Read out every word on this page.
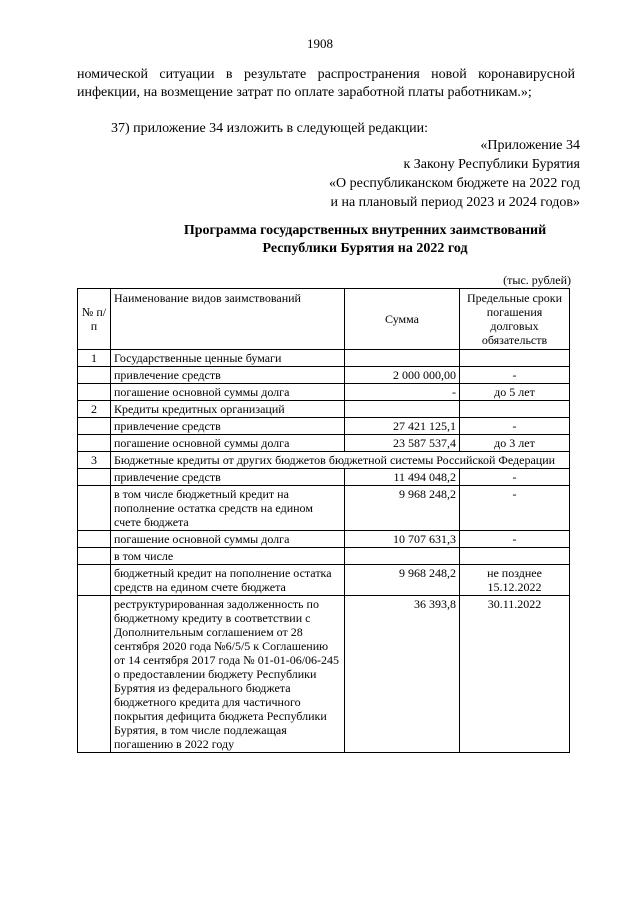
1908
номической ситуации в результате распространения новой коронавирусной инфекции, на возмещение затрат по оплате заработной платы работникам.»;
37) приложение 34 изложить в следующей редакции:
«Приложение 34
к Закону Республики Бурятия
«О республиканском бюджете на 2022 год
и на плановый период 2023 и 2024 годов»
Программа государственных внутренних заимствований
Республики Бурятия на 2022 год
(тыс. рублей)
№ п/п	Наименование видов заимствований	Сумма	Предельные сроки погашения долговых обязательств
1	Государственные ценные бумаги		
	привлечение средств	2 000 000,00	-
	погашение основной суммы долга	-	до 5 лет
2	Кредиты кредитных организаций		
	привлечение средств	27 421 125,1	-
	погашение основной суммы долга	23 587 537,4	до 3 лет
3	Бюджетные кредиты от других бюджетов бюджетной системы Российской Федерации		
	привлечение средств	11 494 048,2	-
	в том числе бюджетный кредит на пополнение остатка средств на едином счете бюджета	9 968 248,2	-
	погашение основной суммы долга	10 707 631,3	-
	в том числе		
	бюджетный кредит на пополнение остатка средств на едином счете бюджета	9 968 248,2	не позднее 15.12.2022
	реструктурированная задолженность по бюджетному кредиту в соответствии с Дополнительным соглашением от 28 сентября 2020 года №6/5/5 к Соглашению от 14 сентября 2017 года № 01-01-06/06-245 о предоставлении бюджету Республики Бурятия из федерального бюджета бюджетного кредита для частичного покрытия дефицита бюджета Республики Бурятия, в том числе подлежащая погашению в 2022 году	36 393,8	30.11.2022
